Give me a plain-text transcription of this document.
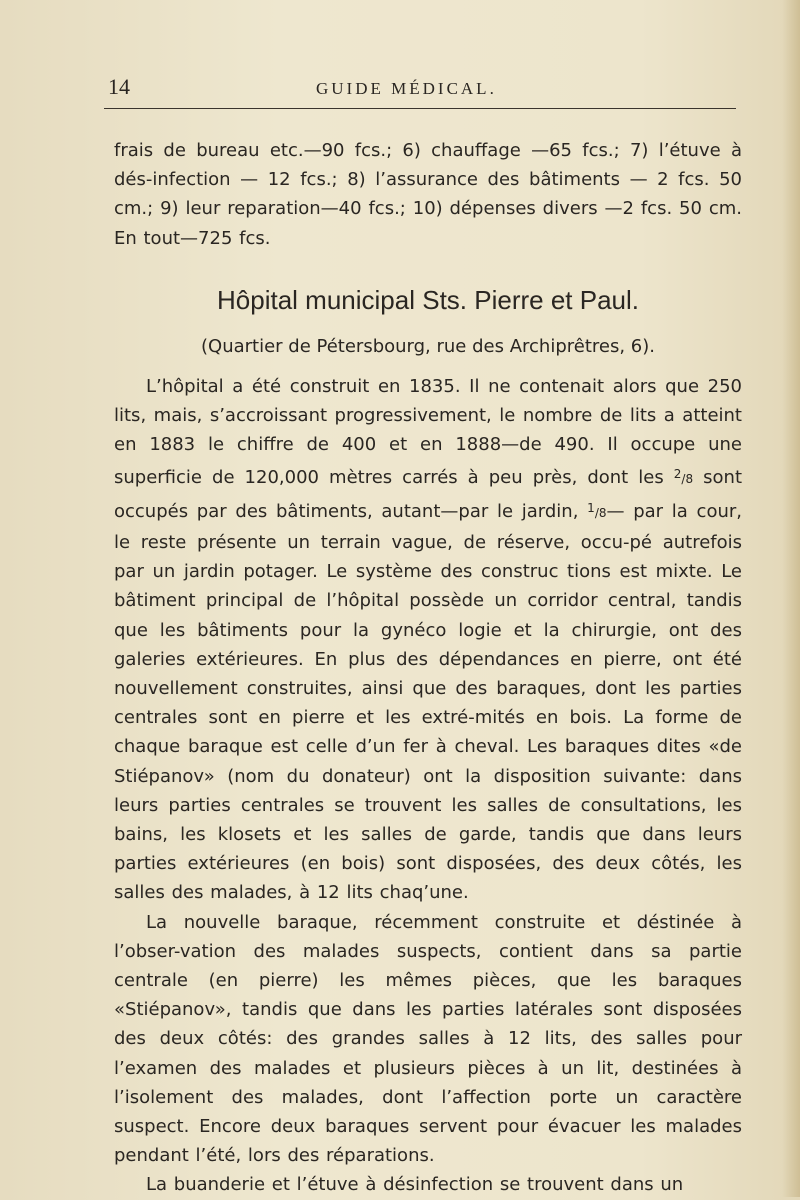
14	GUIDE MÉDICAL.

frais de bureau etc.—90 fcs.; 6) chauffage —65 fcs.; 7) l’étuve à dés-infection — 12 fcs.; 8) l’assurance des bâtiments — 2 fcs. 50 cm.; 9) leur reparation—40 fcs.; 10) dépenses divers —2 fcs. 50 cm. En tout—725 fcs.

Hôpital municipal Sts. Pierre et Paul.
(Quartier de Pétersbourg, rue des Archiprêtres, 6).

L’hôpital a été construit en 1835. Il ne contenait alors que 250 lits, mais, s’accroissant progressivement, le nombre de lits a atteint en 1883 le chiffre de 400 et en 1888—de 490. Il occupe une superficie de 120,000 mètres carrés à peu près, dont les $^2$/8 sont occupés par des bâtiments, autant—par le jardin, $^1$/8— par la cour, le reste présente un terrain vague, de réserve, occu-pé autrefois par un jardin potager. Le système des construc tions est mixte. Le bâtiment principal de l’hôpital possède un corridor central, tandis que les bâtiments pour la gynéco logie et la chirurgie, ont des galeries extérieures. En plus des dépendances en pierre, ont été nouvellement construites, ainsi que des baraques, dont les parties centrales sont en pierre et les extré-mités en bois. La forme de chaque baraque est celle d’un fer à cheval. Les baraques dites «de Stiépanov» (nom du donateur) ont la disposition suivante: dans leurs parties centrales se trouvent les salles de consultations, les bains, les klosets et les salles de garde, tandis que dans leurs parties extérieures (en bois) sont disposées, des deux côtés, les salles des malades, à 12 lits chaq’une.

La nouvelle baraque, récemment construite et déstinée à l’obser-vation des malades suspects, contient dans sa partie centrale (en pierre) les mêmes pièces, que les baraques «Stiépanov», tandis que dans les parties latérales sont disposées des deux côtés: des grandes salles à 12 lits, des salles pour l’examen des malades et plusieurs pièces à un lit, destinées à l’isolement des malades, dont l’affection porte un caractère suspect. Encore deux baraques servent pour évacuer les malades pendant l’été, lors des réparations.

La buanderie et l’étuve à désinfection se trouvent dans un
